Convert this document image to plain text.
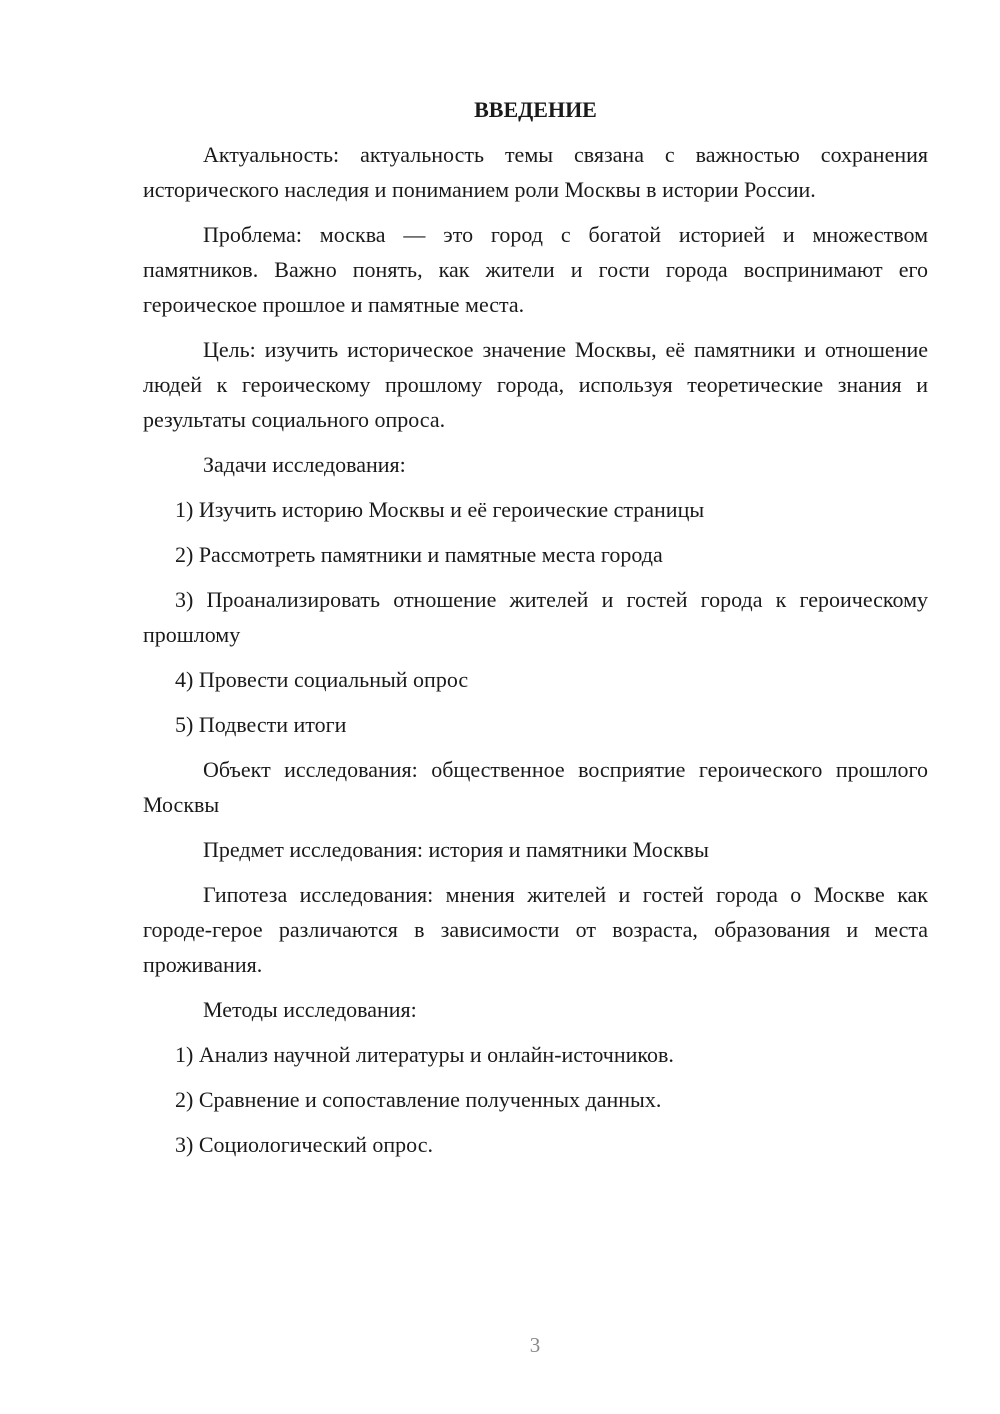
ВВЕДЕНИЕ

Актуальность: актуальность темы связана с важностью сохранения исторического наследия и пониманием роли Москвы в истории России.

Проблема: москва — это город с богатой историей и множеством памятников. Важно понять, как жители и гости города воспринимают его героическое прошлое и памятные места.

Цель: изучить историческое значение Москвы, её памятники и отношение людей к героическому прошлому города, используя теоретические знания и результаты социального опроса.

Задачи исследования:

1) Изучить историю Москвы и её героические страницы

2) Рассмотреть памятники и памятные места города

3) Проанализировать отношение жителей и гостей города к героическому прошлому

4) Провести социальный опрос

5) Подвести итоги

Объект исследования: общественное восприятие героического прошлого Москвы

Предмет исследования: история и памятники Москвы

Гипотеза исследования: мнения жителей и гостей города о Москве как городе-герое различаются в зависимости от возраста, образования и места проживания.

Методы исследования:

1) Анализ научной литературы и онлайн-источников.

2) Сравнение и сопоставление полученных данных.

3) Социологический опрос.

3
